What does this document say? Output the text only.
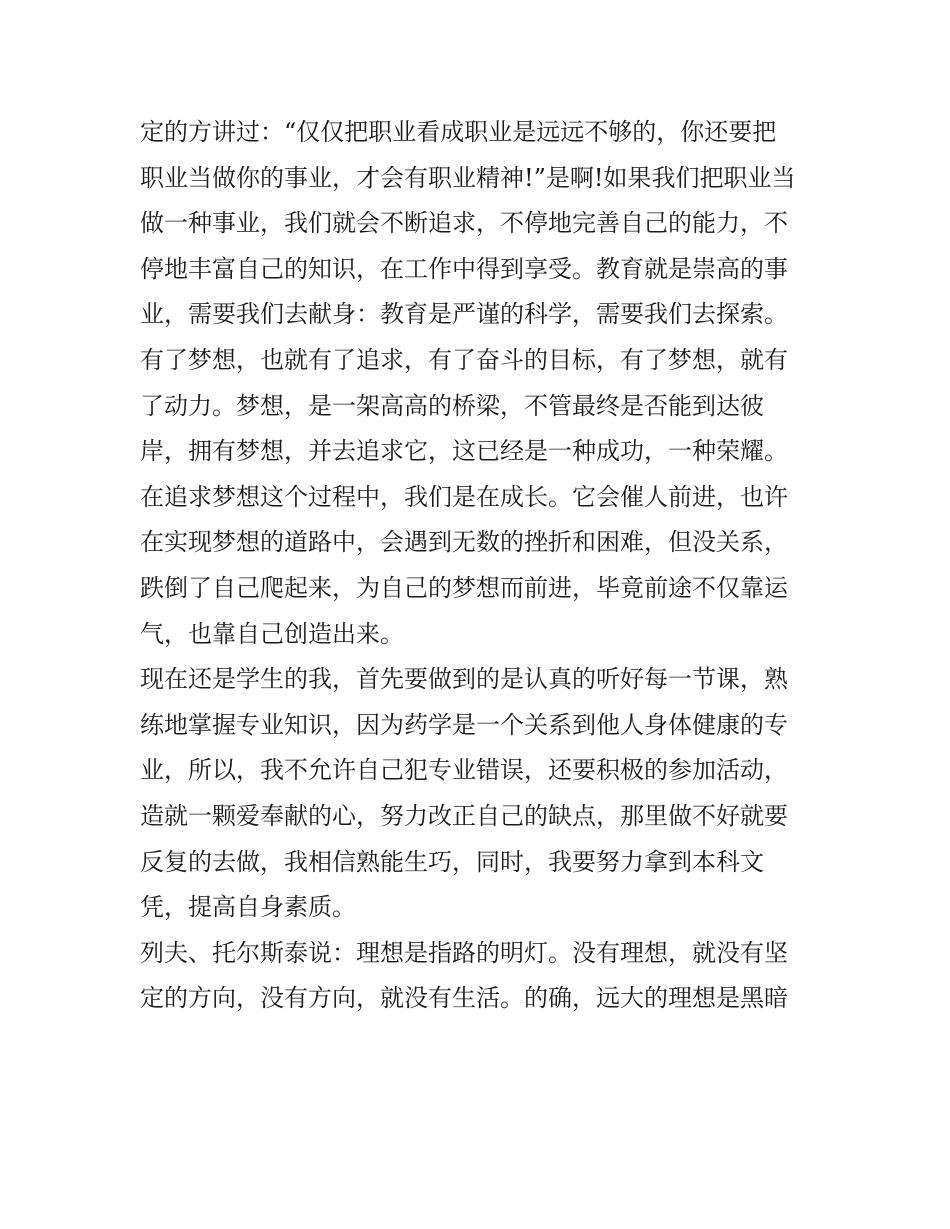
定的方讲过：“仅仅把职业看成职业是远远不够的，你还要把
职业当做你的事业，才会有职业精神!”是啊!如果我们把职业当
做一种事业，我们就会不断追求，不停地完善自己的能力，不
停地丰富自己的知识，在工作中得到享受。教育就是崇高的事
业，需要我们去献身：教育是严谨的科学，需要我们去探索。
有了梦想，也就有了追求，有了奋斗的目标，有了梦想，就有
了动力。梦想，是一架高高的桥梁，不管最终是否能到达彼
岸，拥有梦想，并去追求它，这已经是一种成功，一种荣耀。
在追求梦想这个过程中，我们是在成长。它会催人前进，也许
在实现梦想的道路中，会遇到无数的挫折和困难，但没关系，
跌倒了自己爬起来，为自己的梦想而前进，毕竟前途不仅靠运
气，也靠自己创造出来。
现在还是学生的我，首先要做到的是认真的听好每一节课，熟
练地掌握专业知识，因为药学是一个关系到他人身体健康的专
业，所以，我不允许自己犯专业错误，还要积极的参加活动，
造就一颗爱奉献的心，努力改正自己的缺点，那里做不好就要
反复的去做，我相信熟能生巧，同时，我要努力拿到本科文
凭，提高自身素质。
列夫、托尔斯泰说：理想是指路的明灯。没有理想，就没有坚
定的方向，没有方向，就没有生活。的确，远大的理想是黑暗
